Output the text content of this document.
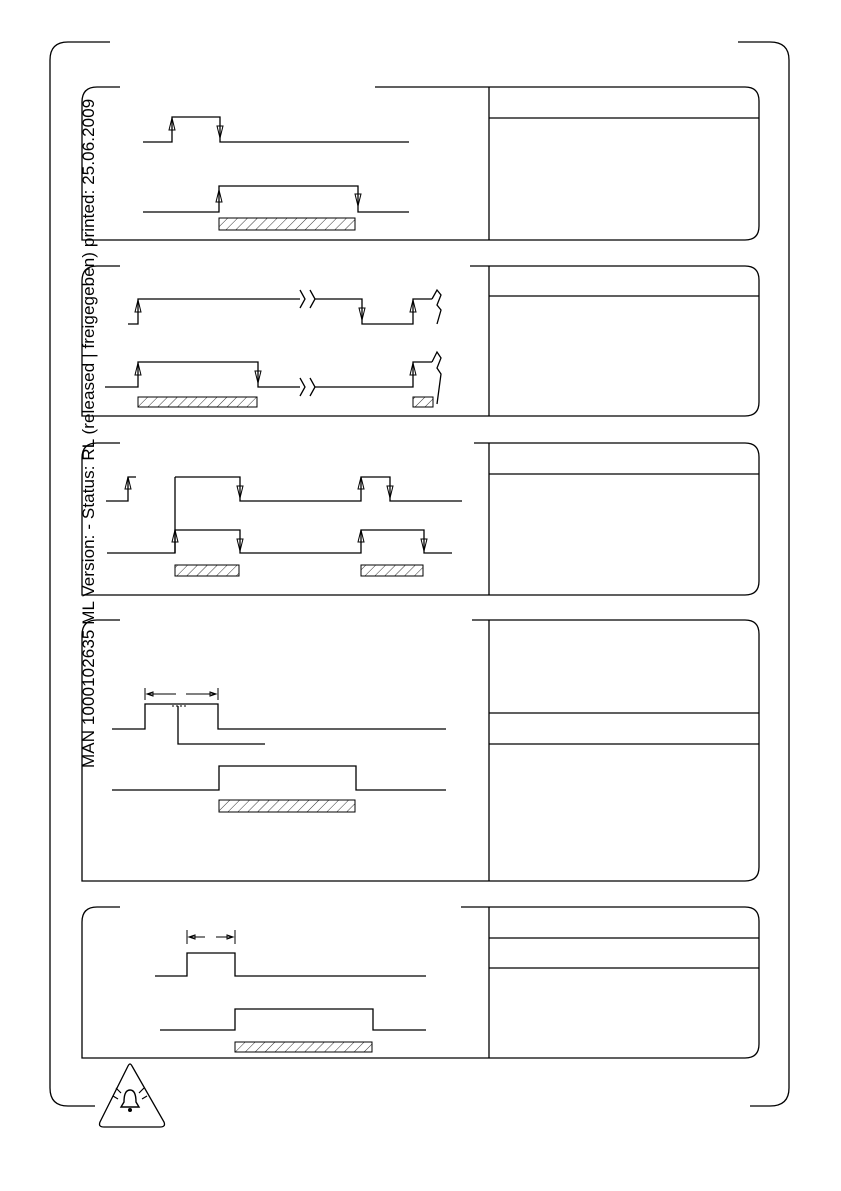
MAN 1000102635 ML Version: - Status: RL (released | freigegeben) printed: 25.06.2009
